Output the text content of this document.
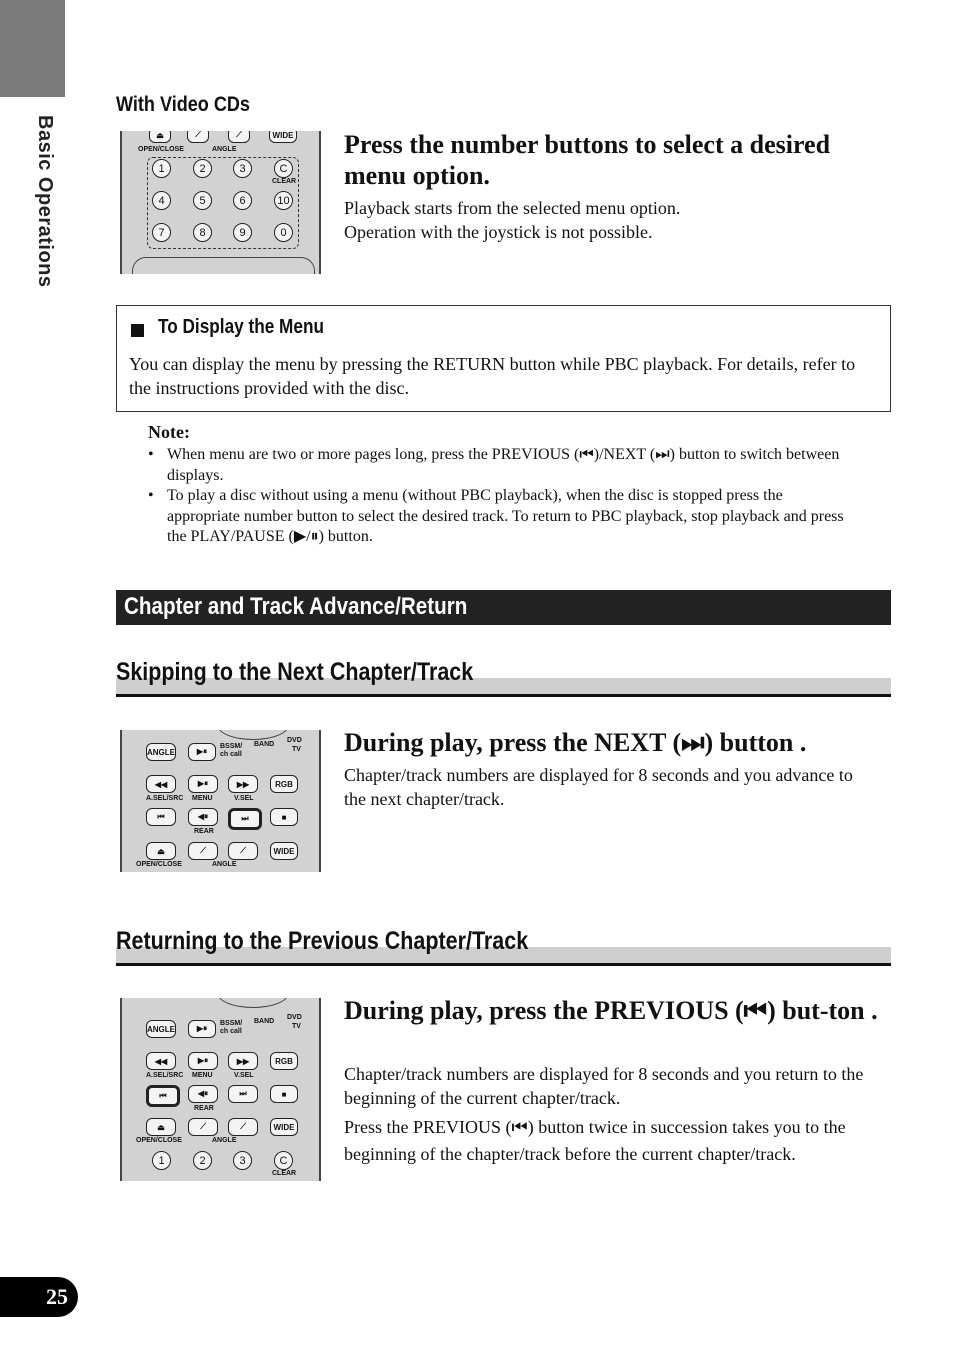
Basic Operations
With Video CDs
⏏	⟋	⟋	WIDE
OPEN/CLOSE	ANGLE
1	2	3	C
CLEAR
4	5	6	10
7	8	9	0
Press the number buttons to select a desired menu option.
Playback starts from the selected menu option.
Operation with the joystick is not possible.
To Display the Menu
You can display the menu by pressing the RETURN button while PBC playback. For details, refer to the instructions provided with the disc.
Note:
• When menu are two or more pages long, press the PREVIOUS (⏮)/NEXT (⏭) button to switch between displays.
• To play a disc without using a menu (without PBC playback), when the disc is stopped press the appropriate number button to select the desired track. To return to PBC playback, stop playback and press the PLAY/PAUSE (▶/⏸) button.
Chapter and Track Advance/Return
Skipping to the Next Chapter/Track
ANGLE	▶⏸
BSSM/
ch call
BAND
DVD
TV
◀◀	▶⏸	▶▶	RGB
A.SEL/SRC MENU	V.SEL
⏮	◀⏸	⏭	■
REAR
⏏	⟋	⟋	WIDE
OPEN/CLOSE	ANGLE
During play, press the NEXT (⏭) button .
Chapter/track numbers are displayed for 8 seconds and you advance to the next chapter/track.
Returning to the Previous Chapter/Track
ANGLE	▶⏸
BSSM/
ch call
BAND
DVD
TV
◀◀	▶⏸	▶▶	RGB
A.SEL/SRC MENU	V.SEL
⏮	◀⏸	⏭	■
REAR
⏏	⟋	⟋	WIDE
OPEN/CLOSE	ANGLE
1	2	3	C
CLEAR
During play, press the PREVIOUS (⏮) but-ton .
Chapter/track numbers are displayed for 8 seconds and you return to the beginning of the current chapter/track.
Press the PREVIOUS (⏮) button twice in succession takes you to the beginning of the chapter/track before the current chapter/track.
25
